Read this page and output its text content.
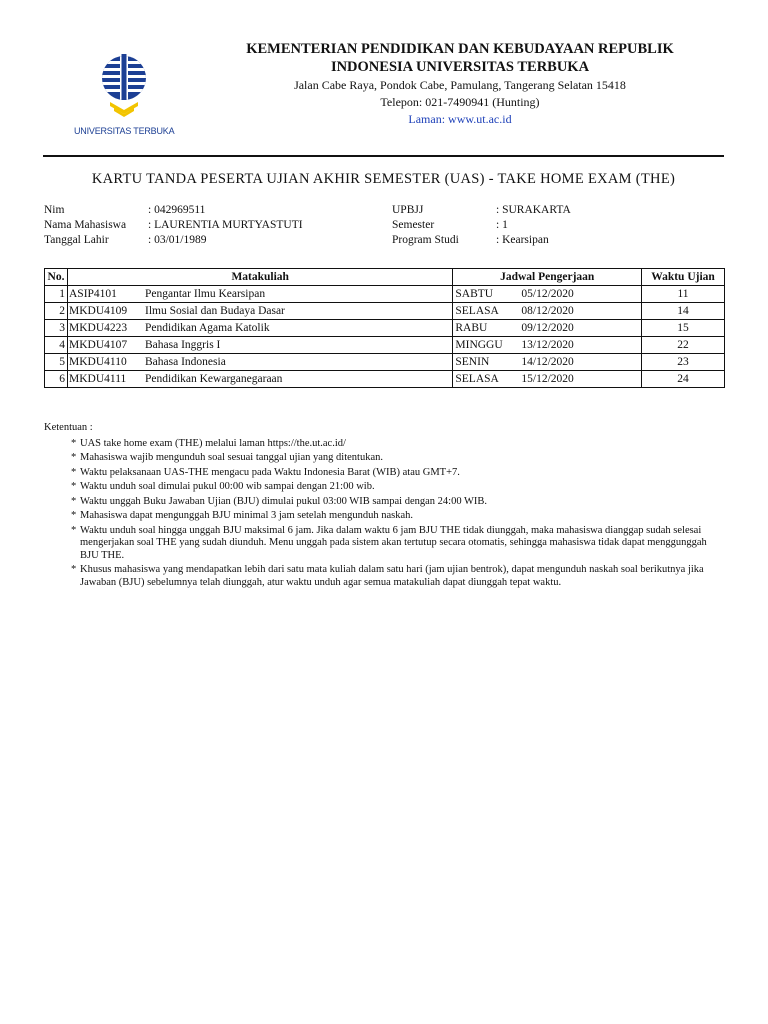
UNIVERSITAS TERBUKA
KEMENTERIAN PENDIDIKAN DAN KEBUDAYAAN REPUBLIK
INDONESIA UNIVERSITAS TERBUKA
Jalan Cabe Raya, Pondok Cabe, Pamulang, Tangerang Selatan 15418
Telepon: 021-7490941 (Hunting)
Laman: www.ut.ac.id
KARTU TANDA PESERTA UJIAN AKHIR SEMESTER (UAS) - TAKE HOME EXAM (THE)
Nim	: 042969511
Nama Mahasiswa	: LAURENTIA MURTYASTUTI
Tanggal Lahir	: 03/01/1989
UPBJJ	: SURAKARTA
Semester	: 1
Program Studi	: Kearsipan
No.	Matakuliah		Jadwal Pengerjaan		Waktu Ujian
1	ASIP4101	Pengantar Ilmu Kearsipan	SABTU	05/12/2020	11
2	MKDU4109	Ilmu Sosial dan Budaya Dasar	SELASA	08/12/2020	14
3	MKDU4223	Pendidikan Agama Katolik	RABU	09/12/2020	15
4	MKDU4107	Bahasa Inggris I	MINGGU	13/12/2020	22
5	MKDU4110	Bahasa Indonesia	SENIN	14/12/2020	23
6	MKDU4111	Pendidikan Kewarganegaraan	SELASA	15/12/2020	24
Ketentuan :
* UAS take home exam (THE) melalui laman https://the.ut.ac.id/
* Mahasiswa wajib mengunduh soal sesuai tanggal ujian yang ditentukan.
* Waktu pelaksanaan UAS-THE mengacu pada Waktu Indonesia Barat (WIB) atau GMT+7.
* Waktu unduh soal dimulai pukul 00:00 wib sampai dengan 21:00 wib.
* Waktu unggah Buku Jawaban Ujian (BJU) dimulai pukul 03:00 WIB sampai dengan 24:00 WIB.
* Mahasiswa dapat mengunggah BJU minimal 3 jam setelah mengunduh naskah.
* Waktu unduh soal hingga unggah BJU maksimal 6 jam. Jika dalam waktu 6 jam BJU THE tidak diunggah, maka mahasiswa dianggap sudah selesai mengerjakan soal THE yang sudah diunduh. Menu unggah pada sistem akan tertutup secara otomatis, sehingga mahasiswa tidak dapat menggunggah BJU THE.
* Khusus mahasiswa yang mendapatkan lebih dari satu mata kuliah dalam satu hari (jam ujian bentrok), dapat mengunduh naskah soal berikutnya jika Jawaban (BJU) sebelumnya telah diunggah, atur waktu unduh agar semua matakuliah dapat diunggah tepat waktu.
